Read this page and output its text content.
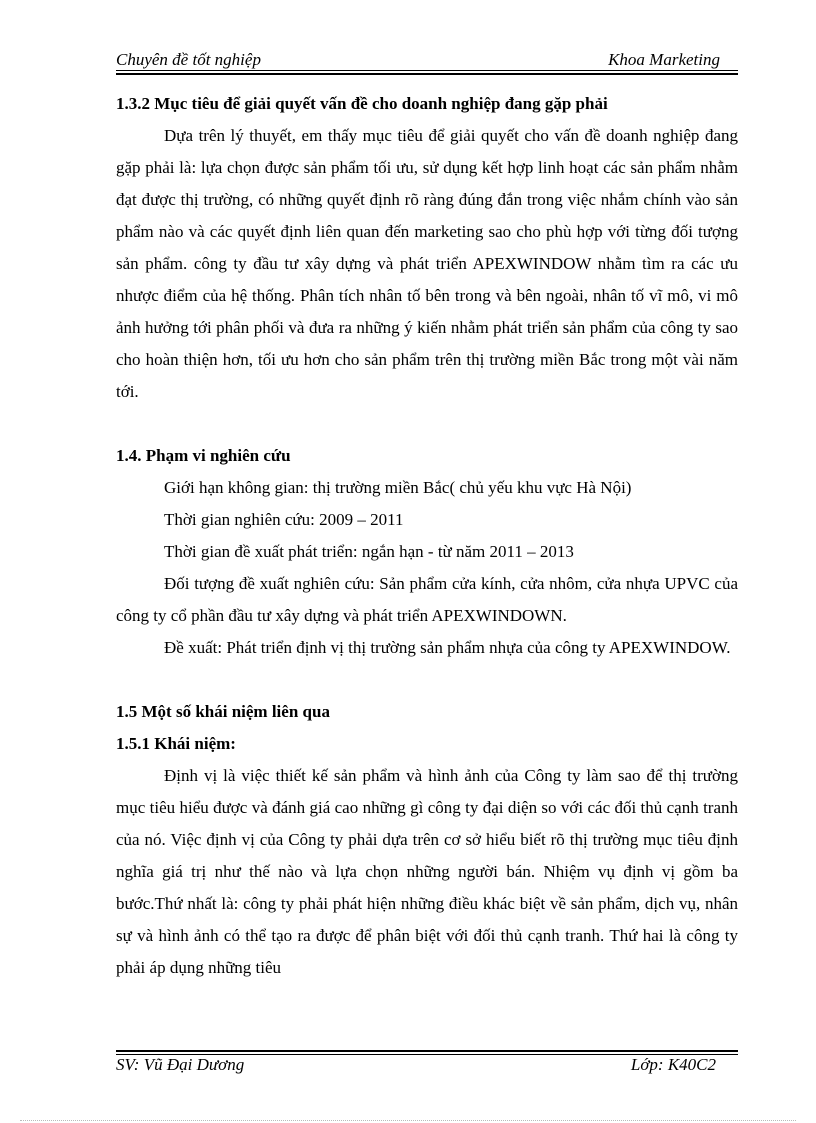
Chuyên đề tốt nghiệp	Khoa Marketing
1.3.2 Mục tiêu để giải quyết vấn đề cho doanh nghiệp đang gặp phải

Dựa trên lý thuyết, em thấy mục tiêu để giải quyết cho vấn đề doanh nghiệp đang gặp phải là: lựa chọn được sản phẩm tối ưu, sử dụng kết hợp linh hoạt các sản phẩm nhằm đạt được thị trường, có những quyết định rõ ràng đúng đắn trong việc nhắm chính vào sản phẩm nào và các quyết định liên quan đến marketing sao cho phù hợp với từng đối tượng sản phẩm. công ty đầu tư xây dựng và phát triển APEXWINDOW nhằm tìm ra các ưu nhược điểm của hệ thống. Phân tích nhân tố bên trong và bên ngoài, nhân tố vĩ mô, vi mô ảnh hưởng tới phân phối và đưa ra những ý kiến nhằm phát triển sản phẩm của công ty sao cho hoàn thiện hơn, tối ưu hơn cho sản phẩm trên thị trường miền Bắc trong một vài năm tới.

1.4. Phạm vi nghiên cứu

Giới hạn không gian: thị trường miền Bắc( chủ yếu khu vực Hà Nội)

Thời gian nghiên cứu: 2009 – 2011

Thời gian đề xuất phát triển: ngắn hạn - từ năm 2011 – 2013

Đối tượng đề xuất nghiên cứu: Sản phẩm cửa kính, cửa nhôm, cửa nhựa UPVC của công ty cổ phần đầu tư xây dựng và phát triển APEXWINDOWN.

Đề xuất: Phát triển định vị thị trường sản phẩm nhựa của công ty APEXWINDOW.

1.5 Một số khái niệm liên qua
1.5.1 Khái niệm:

Định vị là việc thiết kế sản phẩm và hình ảnh của Công ty làm sao để thị trường mục tiêu hiểu được và đánh giá cao những gì công ty đại diện so với các đối thủ cạnh tranh của nó. Việc định vị của Công ty phải dựa trên cơ sở hiểu biết rõ thị trường mục tiêu định nghĩa giá trị như thế nào và lựa chọn những người bán. Nhiệm vụ định vị gồm ba bước.Thứ nhất là: công ty phải phát hiện những điều khác biệt về sản phẩm, dịch vụ, nhân sự và hình ảnh có thể tạo ra được để phân biệt với đối thủ cạnh tranh. Thứ hai là công ty phải áp dụng những tiêu

SV: Vũ Đại Dương	Lớp: K40C2
